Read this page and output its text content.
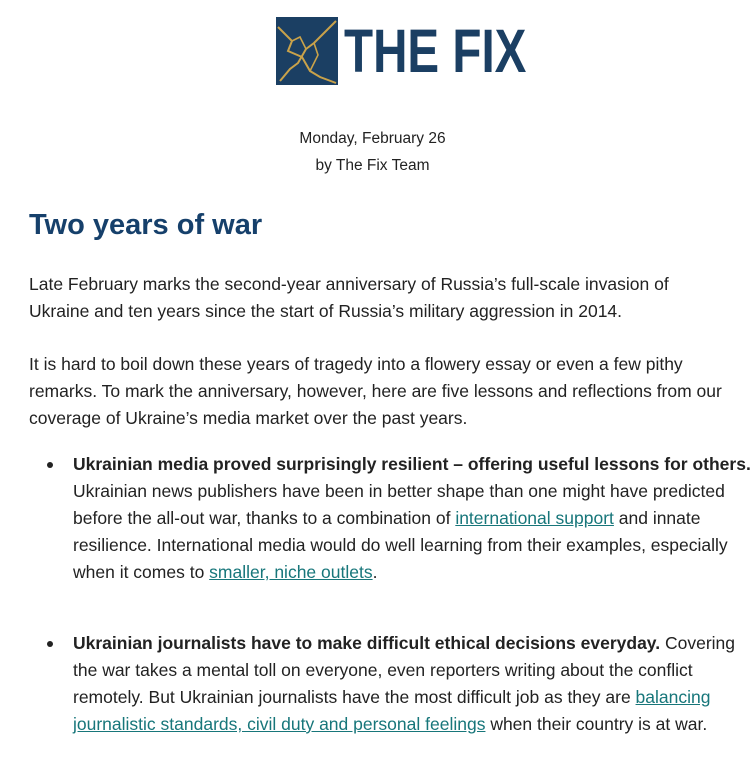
THE FIX
Monday, February 26
by The Fix Team
Two years of war

Late February marks the second-year anniversary of Russia’s full-scale invasion of Ukraine and ten years since the start of Russia’s military aggression in 2014.

It is hard to boil down these years of tragedy into a flowery essay or even a few pithy remarks. To mark the anniversary, however, here are five lessons and reflections from our coverage of Ukraine’s media market over the past years.

Ukrainian media proved surprisingly resilient – offering useful lessons for others. Ukrainian news publishers have been in better shape than one might have predicted before the all-out war, thanks to a combination of international support and innate resilience. International media would do well learning from their examples, especially when it comes to smaller, niche outlets.
Ukrainian journalists have to make difficult ethical decisions everyday. Covering the war takes a mental toll on everyone, even reporters writing about the conflict remotely. But Ukrainian journalists have the most difficult job as they are balancing journalistic standards, civil duty and personal feelings when their country is at war.
